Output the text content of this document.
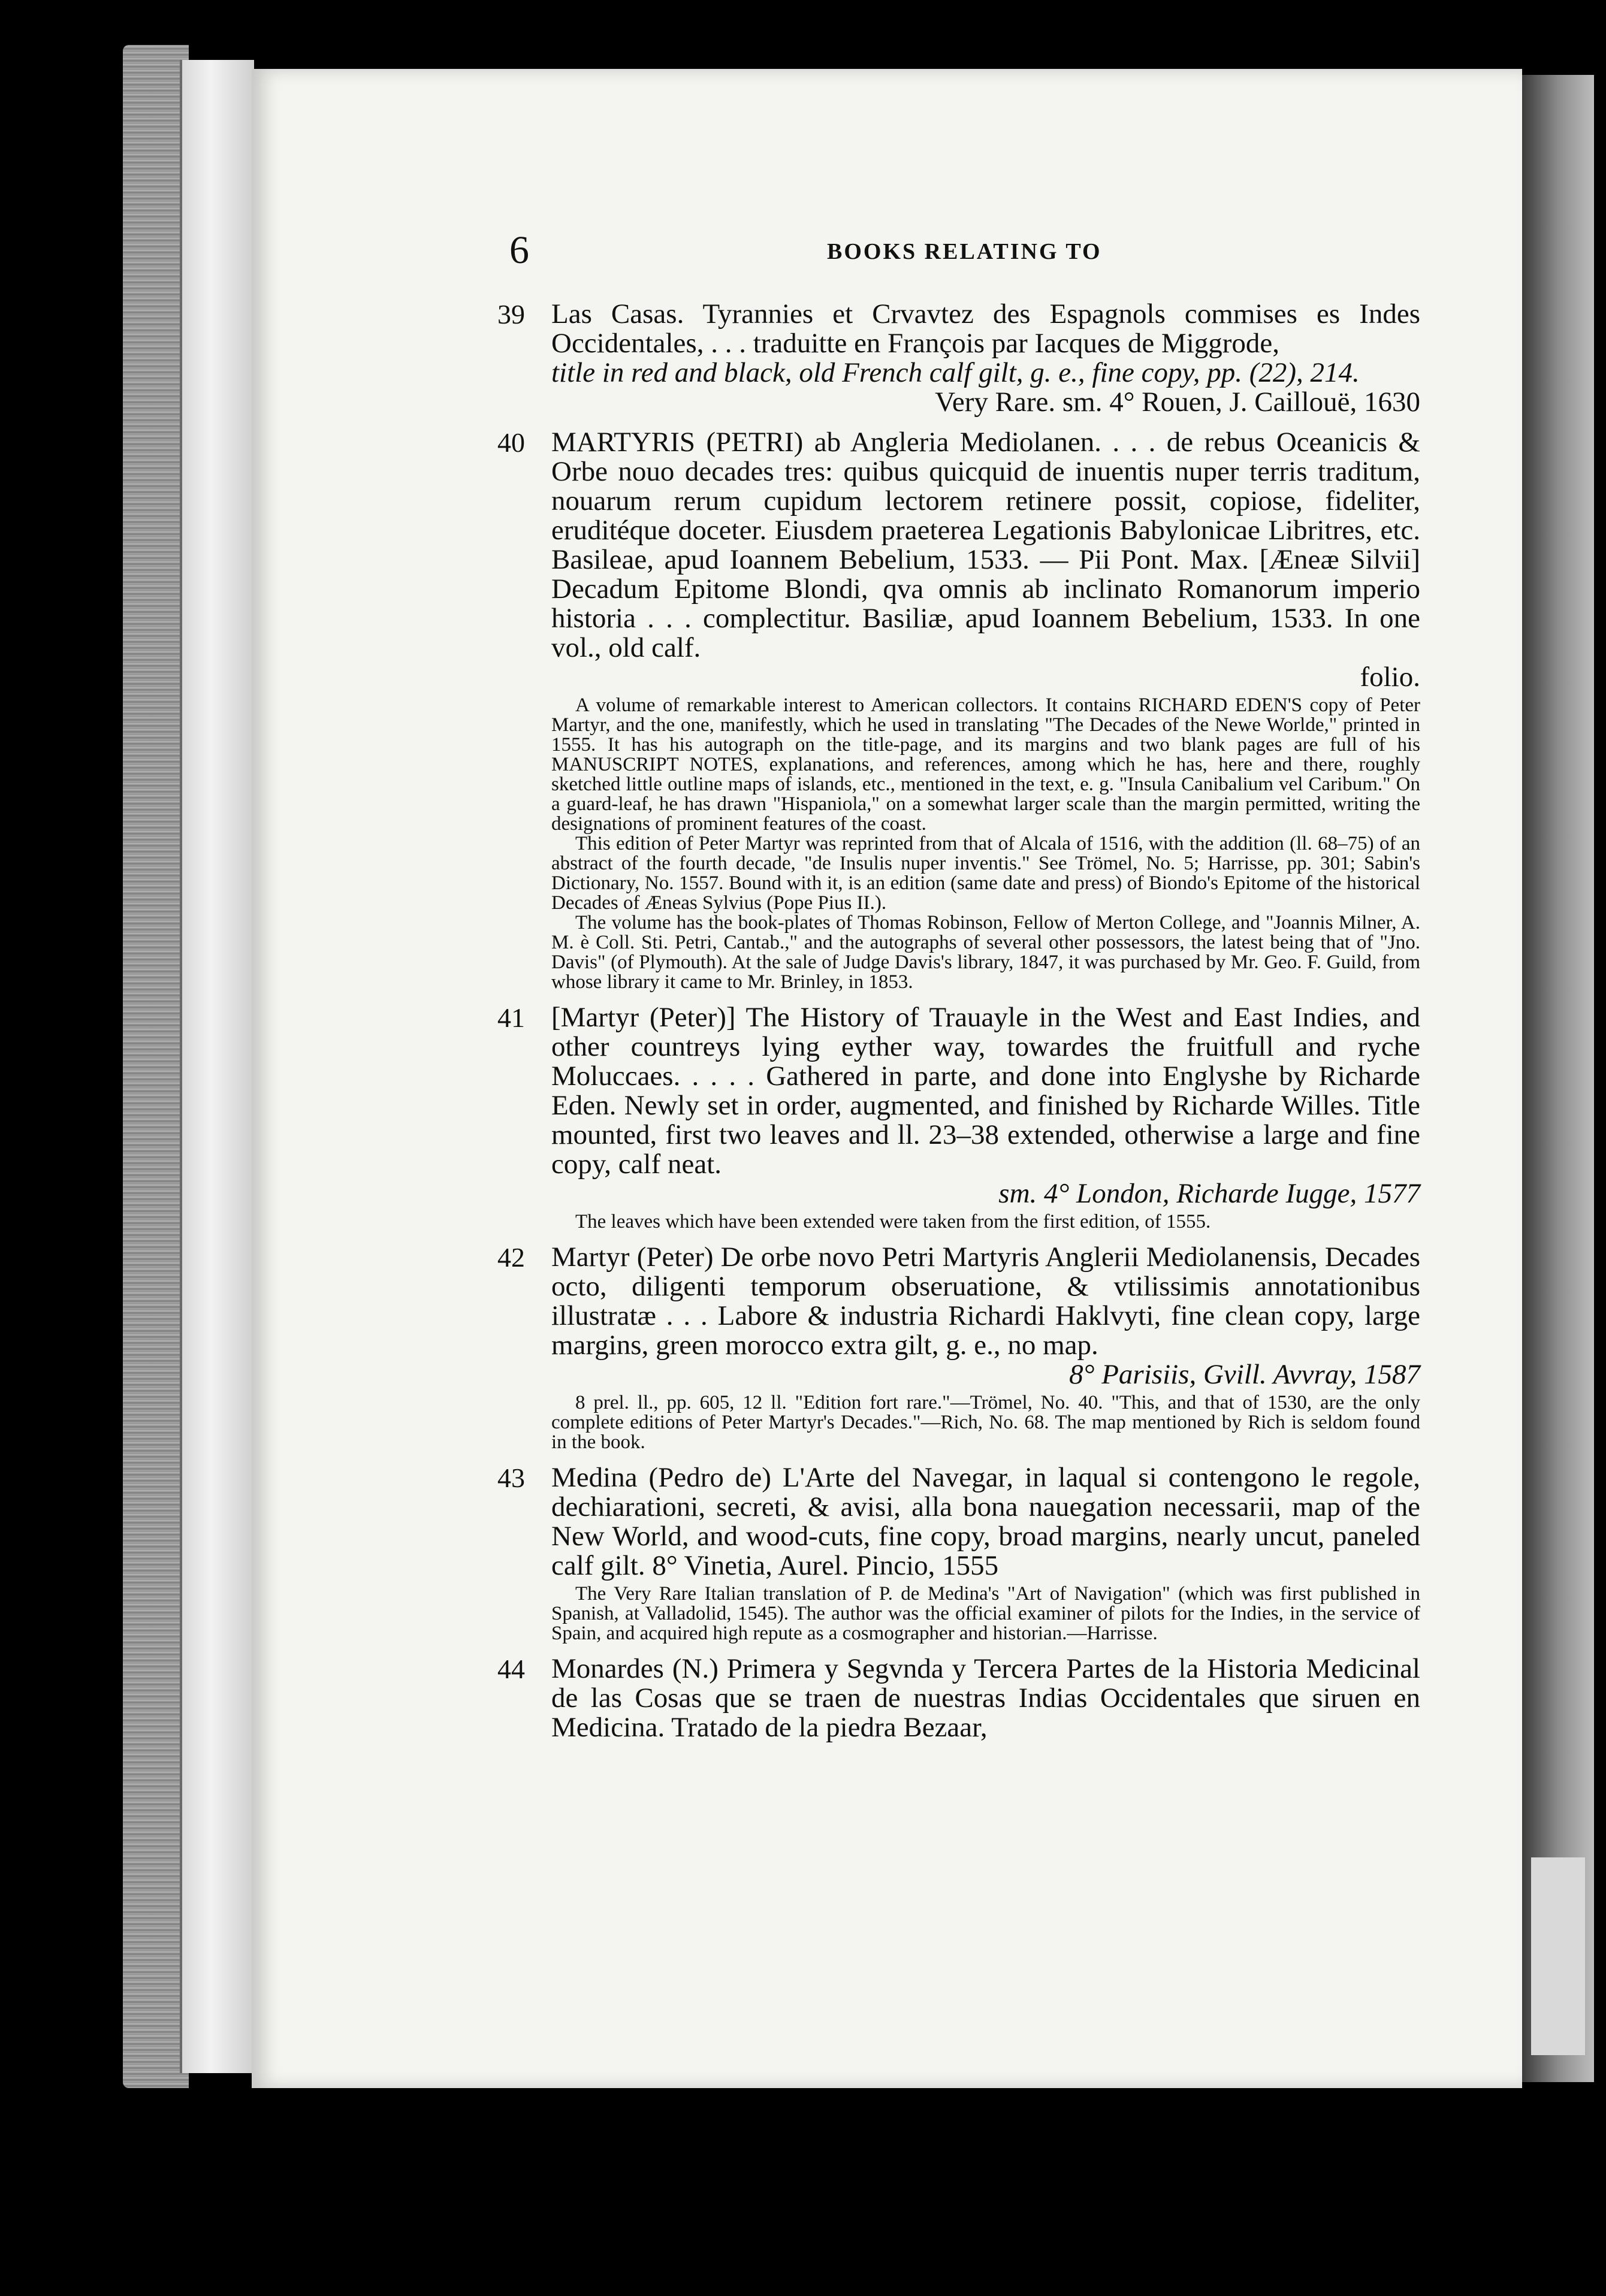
6	BOOKS RELATING TO
39 Las Casas. Tyrannies et Crvavtez des Espagnols commises es Indes Occidentales, . . . traduitte en François par Iacques de Miggrode,

title in red and black, old French calf gilt, g. e., fine copy, pp. (22), 214.

Very Rare. sm. 4° Rouen, J. Caillouë, 1630

40 MARTYRIS (PETRI) ab Angleria Mediolanen. . . . de rebus Oceanicis & Orbe nouo decades tres: quibus quicquid de inuentis nuper terris traditum, nouarum rerum cupidum lectorem retinere possit, copiose, fideliter, eruditéque doceter. Eiusdem praeterea Legationis Babylonicae Libritres, etc. Basileae, apud Ioannem Bebelium, 1533. — Pii Pont. Max. [Æneæ Silvii] Decadum Epitome Blondi, qva omnis ab inclinato Romanorum imperio historia . . . complectitur. Basiliæ, apud Ioannem Bebelium, 1533. In one vol., old calf.

folio.

A volume of remarkable interest to American collectors. It contains RICHARD EDEN'S copy of Peter Martyr, and the one, manifestly, which he used in translating "The Decades of the Newe Worlde," printed in 1555. It has his autograph on the title-page, and its margins and two blank pages are full of his MANUSCRIPT NOTES, explanations, and references, among which he has, here and there, roughly sketched little outline maps of islands, etc., mentioned in the text, e. g. "Insula Canibalium vel Caribum." On a guard-leaf, he has drawn "Hispaniola," on a somewhat larger scale than the margin permitted, writing the designations of prominent features of the coast.

This edition of Peter Martyr was reprinted from that of Alcala of 1516, with the addition (ll. 68–75) of an abstract of the fourth decade, "de Insulis nuper inventis." See Trömel, No. 5; Harrisse, pp. 301; Sabin's Dictionary, No. 1557. Bound with it, is an edition (same date and press) of Biondo's Epitome of the historical Decades of Æneas Sylvius (Pope Pius II.).

The volume has the book-plates of Thomas Robinson, Fellow of Merton College, and "Joannis Milner, A. M. è Coll. Sti. Petri, Cantab.," and the autographs of several other possessors, the latest being that of "Jno. Davis" (of Plymouth). At the sale of Judge Davis's library, 1847, it was purchased by Mr. Geo. F. Guild, from whose library it came to Mr. Brinley, in 1853.

41 [Martyr (Peter)] The History of Trauayle in the West and East Indies, and other countreys lying eyther way, towardes the fruitfull and ryche Moluccaes. . . . . Gathered in parte, and done into Englyshe by Richarde Eden. Newly set in order, augmented, and finished by Richarde Willes. Title mounted, first two leaves and ll. 23–38 extended, otherwise a large and fine copy, calf neat.

sm. 4° London, Richarde Iugge, 1577

The leaves which have been extended were taken from the first edition, of 1555.

42 Martyr (Peter) De orbe novo Petri Martyris Anglerii Mediolanensis, Decades octo, diligenti temporum obseruatione, & vtilissimis annotationibus illustratæ . . . Labore & industria Richardi Haklvyti, fine clean copy, large margins, green morocco extra gilt, g. e., no map.

8° Parisiis, Gvill. Avvray, 1587

8 prel. ll., pp. 605, 12 ll. "Edition fort rare."—Trömel, No. 40. "This, and that of 1530, are the only complete editions of Peter Martyr's Decades."—Rich, No. 68. The map mentioned by Rich is seldom found in the book.

43 Medina (Pedro de) L'Arte del Navegar, in laqual si contengono le regole, dechiarationi, secreti, & avisi, alla bona nauegation necessarii, map of the New World, and wood-cuts, fine copy, broad margins, nearly uncut, paneled calf gilt. 8° Vinetia, Aurel. Pincio, 1555

The Very Rare Italian translation of P. de Medina's "Art of Navigation" (which was first published in Spanish, at Valladolid, 1545). The author was the official examiner of pilots for the Indies, in the service of Spain, and acquired high repute as a cosmographer and historian.—Harrisse.

44 Monardes (N.) Primera y Segvnda y Tercera Partes de la Historia Medicinal de las Cosas que se traen de nuestras Indias Occidentales que siruen en Medicina. Tratado de la piedra Bezaar,
